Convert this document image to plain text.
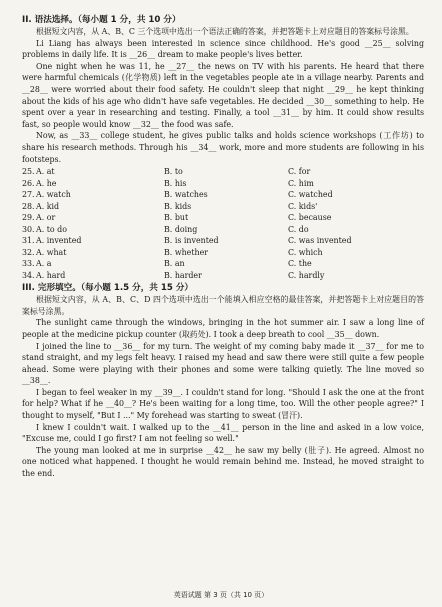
II. 语法选择。（每小题 1 分，共 10 分）

根据短文内容，从 A、B、C 三个选项中选出一个语法正确的答案，并把答题卡上对应题目的答案标号涂黑。

Li Liang has always been interested in science since childhood. He's good __25__ solving problems in daily life. It is __26__ dream to make people's lives better.

One night when he was 11, he __27__ the news on TV with his parents. He heard that there were harmful chemicals (化学物质) left in the vegetables people ate in a village nearby. Parents and __28__ were worried about their food safety. He couldn't sleep that night __29__ he kept thinking about the kids of his age who didn't have safe vegetables. He decided __30__ something to help. He spent over a year in researching and testing. Finally, a tool __31__ by him. It could show results fast, so people would know __32__ the food was safe.

Now, as __33__ college student, he gives public talks and holds science workshops (工作坊) to share his research methods. Through his __34__ work, more and more students are following in his footsteps.

25. A. at	B. to	C. for
26. A. he	B. his	C. him
27. A. watch	B. watches	C. watched
28. A. kid	B. kids	C. kids'
29. A. or	B. but	C. because
30. A. to do	B. doing	C. do
31. A. invented	B. is invented	C. was invented
32. A. what	B. whether	C. which
33. A. a	B. an	C. the
34. A. hard	B. harder	C. hardly

III. 完形填空。（每小题 1.5 分，共 15 分）

根据短文内容，从 A、B、C、D 四个选项中选出一个能填入相应空格的最佳答案，并把答题卡上对应题目的答案标号涂黑。

The sunlight came through the windows, bringing in the hot summer air. I saw a long line of people at the medicine pickup counter (取药处). I took a deep breath to cool __35__ down.

I joined the line to __36__ for my turn. The weight of my coming baby made it __37__ for me to stand straight, and my legs felt heavy. I raised my head and saw there were still quite a few people ahead. Some were playing with their phones and some were talking quietly. The line moved so __38__.

I began to feel weaker in my __39__. I couldn't stand for long. "Should I ask the one at the front for help? What if he __40__? He's been waiting for a long time, too. Will the other people agree?" I thought to myself, "But I ..." My forehead was starting to sweat (冒汗).

I knew I couldn't wait. I walked up to the __41__ person in the line and asked in a low voice, "Excuse me, could I go first? I am not feeling so well."

The young man looked at me in surprise __42__ he saw my belly (肚子). He agreed. Almost no one noticed what happened. I thought he would remain behind me. Instead, he moved straight to the end.

英语试题 第 3 页（共 10 页）
